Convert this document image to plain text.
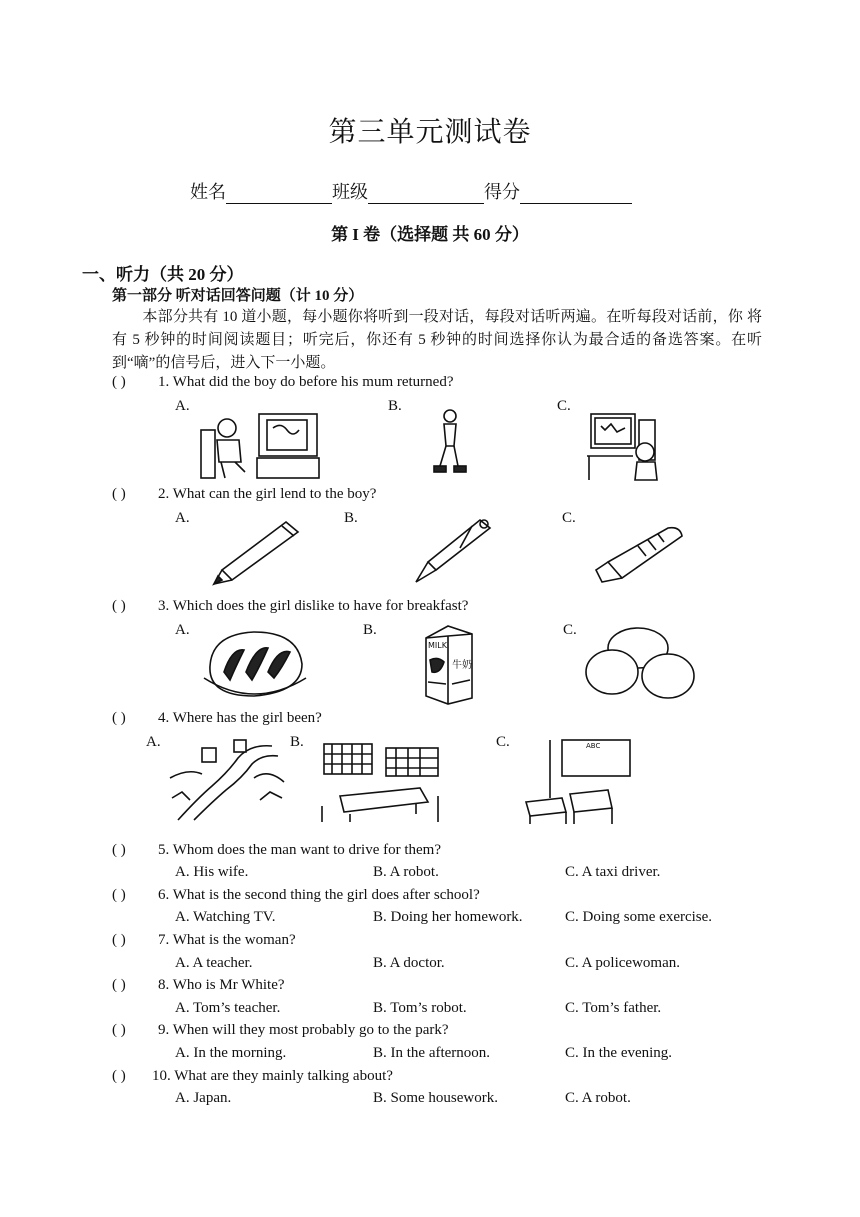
第三单元测试卷
姓名	班级	得分
第 I 卷（选择题 共 60 分）
一、听力（共 20 分）
第一部分 听对话回答问题（计 10 分）
　　本部分共有 10 道小题，每小题你将听到一段对话，每段对话听两遍。在听每段对话前，你 将有 5 秒钟的时间阅读题目；听完后，你还有 5 秒钟的时间选择你认为最合适的备选答案。在听 到“嘀”的信号后，进入下一小题。
( ) 1. What did the boy do before his mum returned?
A.	B.	C.
( ) 2. What can the girl lend to the boy?
A.	B.	C.
( ) 3. Which does the girl dislike to have for breakfast?
A.	B.	C.
MILK
牛奶
( ) 4. Where has the girl been?
A.	B.	C.	ABC
( ) 5. Whom does the man want to drive for them?
A. His wife.	B. A robot.	C. A taxi driver.
( ) 6. What is the second thing the girl does after school?
A. Watching TV.	B. Doing her homework.	C. Doing some exercise.
( ) 7. What is the woman?
A. A teacher.	B. A doctor.	C. A policewoman.
( ) 8. Who is Mr White?
A. Tom’s teacher.	B. Tom’s robot.	C. Tom’s father.
( ) 9. When will they most probably go to the park?
A. In the morning.	B. In the afternoon.	C. In the evening.
( ) 10. What are they mainly talking about?
A. Japan.	B. Some housework.	C. A robot.
